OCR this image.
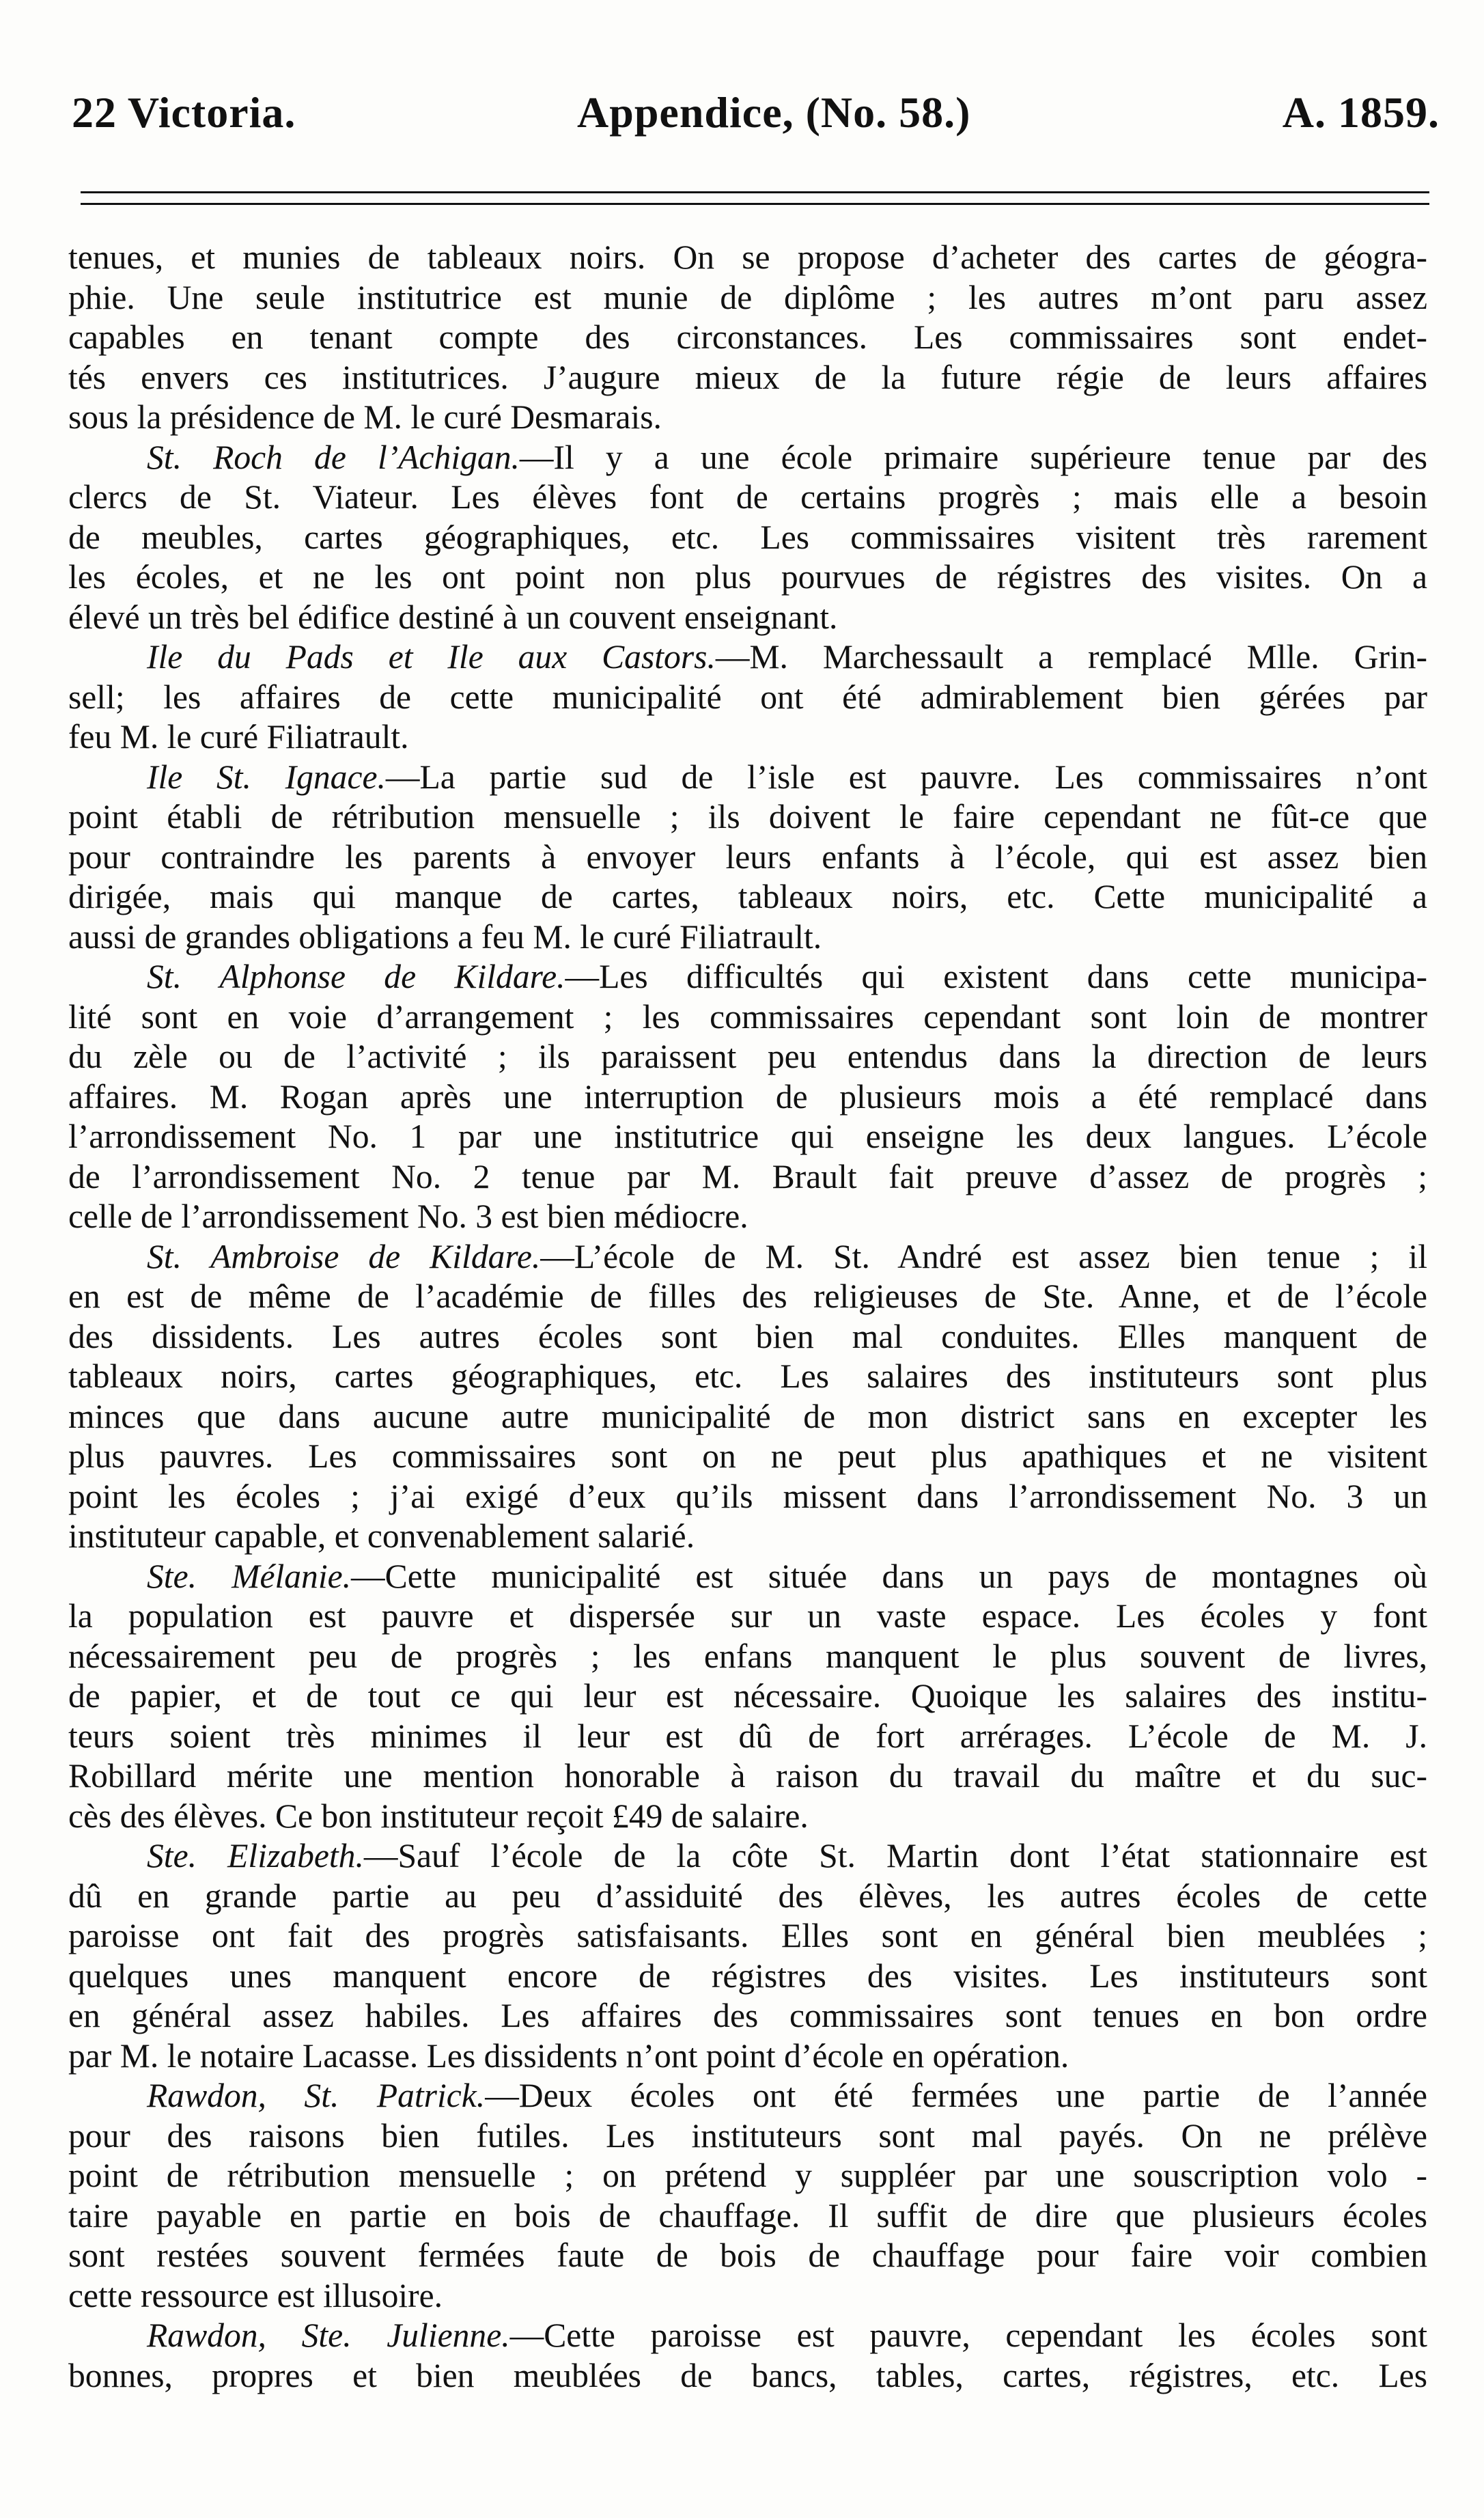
22 Victoria.	Appendice, (No. 58.)	A. 1859.
tenues, et munies de tableaux noirs. On se propose d’acheter des cartes de géogra-
phie. Une seule institutrice est munie de diplôme ; les autres m’ont paru assez
capables en tenant compte des circonstances. Les commissaires sont endet-
tés envers ces institutrices. J’augure mieux de la future régie de leurs affaires
sous la présidence de M. le curé Desmarais.
St. Roch de l’Achigan.—Il y a une école primaire supérieure tenue par des
clercs de St. Viateur. Les élèves font de certains progrès ; mais elle a besoin
de meubles, cartes géographiques, etc. Les commissaires visitent très rarement
les écoles, et ne les ont point non plus pourvues de régistres des visites. On a
élevé un très bel édifice destiné à un couvent enseignant.
Ile du Pads et Ile aux Castors.—M. Marchessault a remplacé Mlle. Grin-
sell; les affaires de cette municipalité ont été admirablement bien gérées par
feu M. le curé Filiatrault.
Ile St. Ignace.—La partie sud de l’isle est pauvre. Les commissaires n’ont
point établi de rétribution mensuelle ; ils doivent le faire cependant ne fût-ce que
pour contraindre les parents à envoyer leurs enfants à l’école, qui est assez bien
dirigée, mais qui manque de cartes, tableaux noirs, etc. Cette municipalité a
aussi de grandes obligations a feu M. le curé Filiatrault.
St. Alphonse de Kildare.—Les difficultés qui existent dans cette municipa-
lité sont en voie d’arrangement ; les commissaires cependant sont loin de montrer
du zèle ou de l’activité ; ils paraissent peu entendus dans la direction de leurs
affaires. M. Rogan après une interruption de plusieurs mois a été remplacé dans
l’arrondissement No. 1 par une institutrice qui enseigne les deux langues. L’école
de l’arrondissement No. 2 tenue par M. Brault fait preuve d’assez de progrès ;
celle de l’arrondissement No. 3 est bien médiocre.
St. Ambroise de Kildare.—L’école de M. St. André est assez bien tenue ; il
en est de même de l’académie de filles des religieuses de Ste. Anne, et de l’école
des dissidents. Les autres écoles sont bien mal conduites. Elles manquent de
tableaux noirs, cartes géographiques, etc. Les salaires des instituteurs sont plus
minces que dans aucune autre municipalité de mon district sans en excepter les
plus pauvres. Les commissaires sont on ne peut plus apathiques et ne visitent
point les écoles ; j’ai exigé d’eux qu’ils missent dans l’arrondissement No. 3 un
instituteur capable, et convenablement salarié.
Ste. Mélanie.—Cette municipalité est située dans un pays de montagnes où
la population est pauvre et dispersée sur un vaste espace. Les écoles y font
nécessairement peu de progrès ; les enfans manquent le plus souvent de livres,
de papier, et de tout ce qui leur est nécessaire. Quoique les salaires des institu-
teurs soient très minimes il leur est dû de fort arrérages. L’école de M. J.
Robillard mérite une mention honorable à raison du travail du maître et du suc-
cès des élèves. Ce bon instituteur reçoit £49 de salaire.
Ste. Elizabeth.—Sauf l’école de la côte St. Martin dont l’état stationnaire est
dû en grande partie au peu d’assiduité des élèves, les autres écoles de cette
paroisse ont fait des progrès satisfaisants. Elles sont en général bien meublées ;
quelques unes manquent encore de régistres des visites. Les instituteurs sont
en général assez habiles. Les affaires des commissaires sont tenues en bon ordre
par M. le notaire Lacasse. Les dissidents n’ont point d’école en opération.
Rawdon, St. Patrick.—Deux écoles ont été fermées une partie de l’année
pour des raisons bien futiles. Les instituteurs sont mal payés. On ne prélève
point de rétribution mensuelle ; on prétend y suppléer par une souscription volo -
taire payable en partie en bois de chauffage. Il suffit de dire que plusieurs écoles
sont restées souvent fermées faute de bois de chauffage pour faire voir combien
cette ressource est illusoire.
Rawdon, Ste. Julienne.—Cette paroisse est pauvre, cependant les écoles sont
bonnes, propres et bien meublées de bancs, tables, cartes, régistres, etc. Les
